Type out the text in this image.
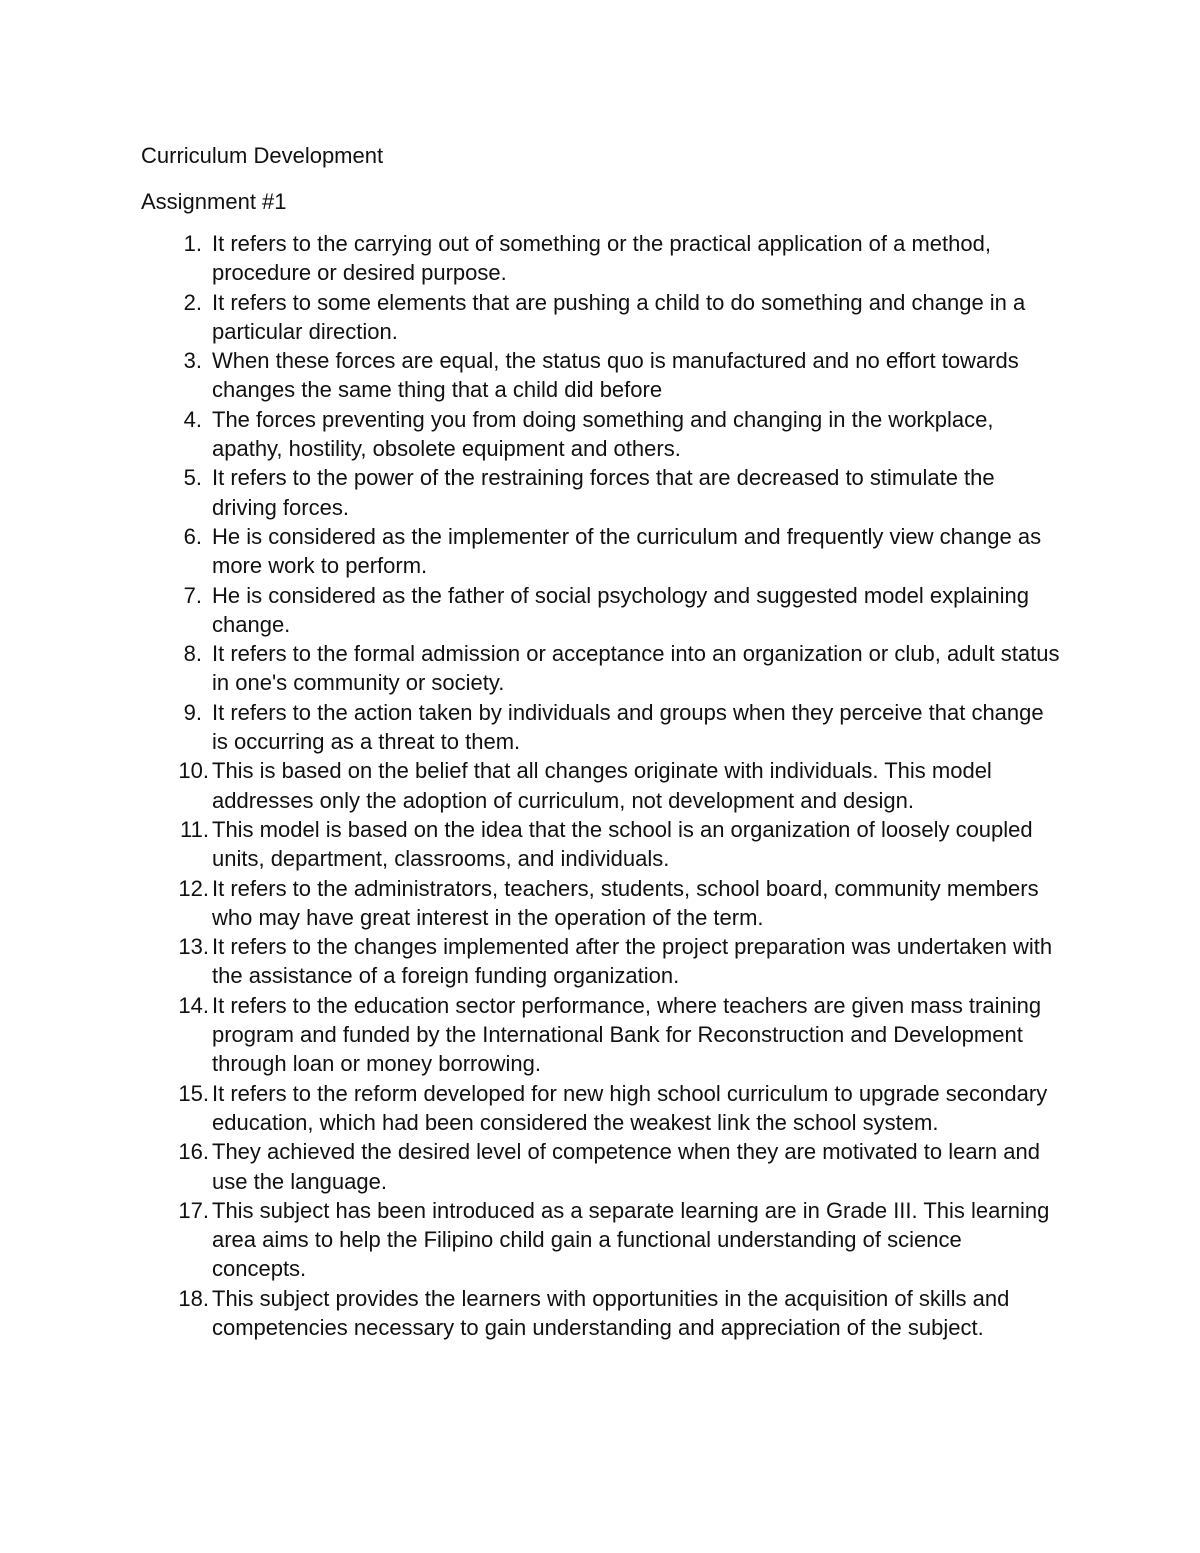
Curriculum Development
Assignment #1
1. It refers to the carrying out of something or the practical application of a method, procedure or desired purpose.
2. It refers to some elements that are pushing a child to do something and change in a particular direction.
3. When these forces are equal, the status quo is manufactured and no effort towards changes the same thing that a child did before
4. The forces preventing you from doing something and changing in the workplace, apathy, hostility, obsolete equipment and others.
5. It refers to the power of the restraining forces that are decreased to stimulate the driving forces.
6. He is considered as the implementer of the curriculum and frequently view change as more work to perform.
7. He is considered as the father of social psychology and suggested model explaining change.
8. It refers to the formal admission or acceptance into an organization or club, adult status in one's community or society.
9. It refers to the action taken by individuals and groups when they perceive that change is occurring as a threat to them.
10. This is based on the belief that all changes originate with individuals. This model addresses only the adoption of curriculum, not development and design.
11. This model is based on the idea that the school is an organization of loosely coupled units, department, classrooms, and individuals.
12. It refers to the administrators, teachers, students, school board, community members who may have great interest in the operation of the term.
13. It refers to the changes implemented after the project preparation was undertaken with the assistance of a foreign funding organization.
14. It refers to the education sector performance, where teachers are given mass training program and funded by the International Bank for Reconstruction and Development through loan or money borrowing.
15. It refers to the reform developed for new high school curriculum to upgrade secondary education, which had been considered the weakest link the school system.
16. They achieved the desired level of competence when they are motivated to learn and use the language.
17. This subject has been introduced as a separate learning are in Grade III. This learning area aims to help the Filipino child gain a functional understanding of science concepts.
18. This subject provides the learners with opportunities in the acquisition of skills and competencies necessary to gain understanding and appreciation of the subject.
